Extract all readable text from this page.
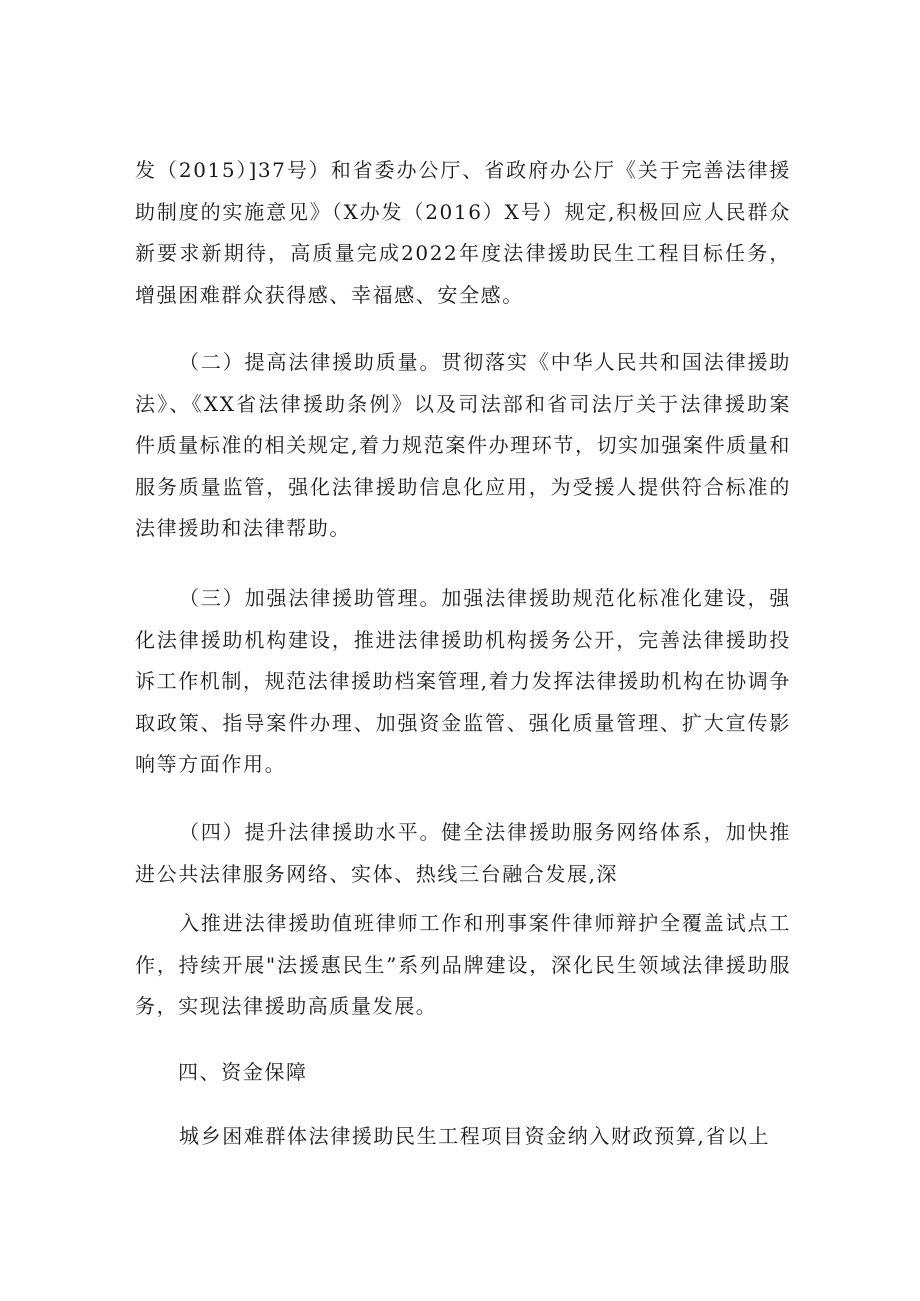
发（2015）]37号）和省委办公厅、省政府办公厅《关于完善法律援助制度的实施意见》（X办发（2016）X号）规定,积极回应人民群众新要求新期待，高质量完成2022年度法律援助民生工程目标任务，增强困难群众获得感、幸福感、安全感。

（二）提高法律援助质量。贯彻落实《中华人民共和国法律援助法》、《XX省法律援助条例》以及司法部和省司法厅关于法律援助案件质量标准的相关规定,着力规范案件办理环节，切实加强案件质量和服务质量监管，强化法律援助信息化应用，为受援人提供符合标准的法律援助和法律帮助。

（三）加强法律援助管理。加强法律援助规范化标准化建设，强化法律援助机构建设，推进法律援助机构援务公开，完善法律援助投诉工作机制，规范法律援助档案管理,着力发挥法律援助机构在协调争取政策、指导案件办理、加强资金监管、强化质量管理、扩大宣传影响等方面作用。

（四）提升法律援助水平。健全法律援助服务网络体系，加快推进公共法律服务网络、实体、热线三台融合发展,深

入推进法律援助值班律师工作和刑事案件律师辩护全覆盖试点工作，持续开展"法援惠民生”系列品牌建设，深化民生领域法律援助服务，实现法律援助高质量发展。

四、资金保障

城乡困难群体法律援助民生工程项目资金纳入财政预算,省以上
